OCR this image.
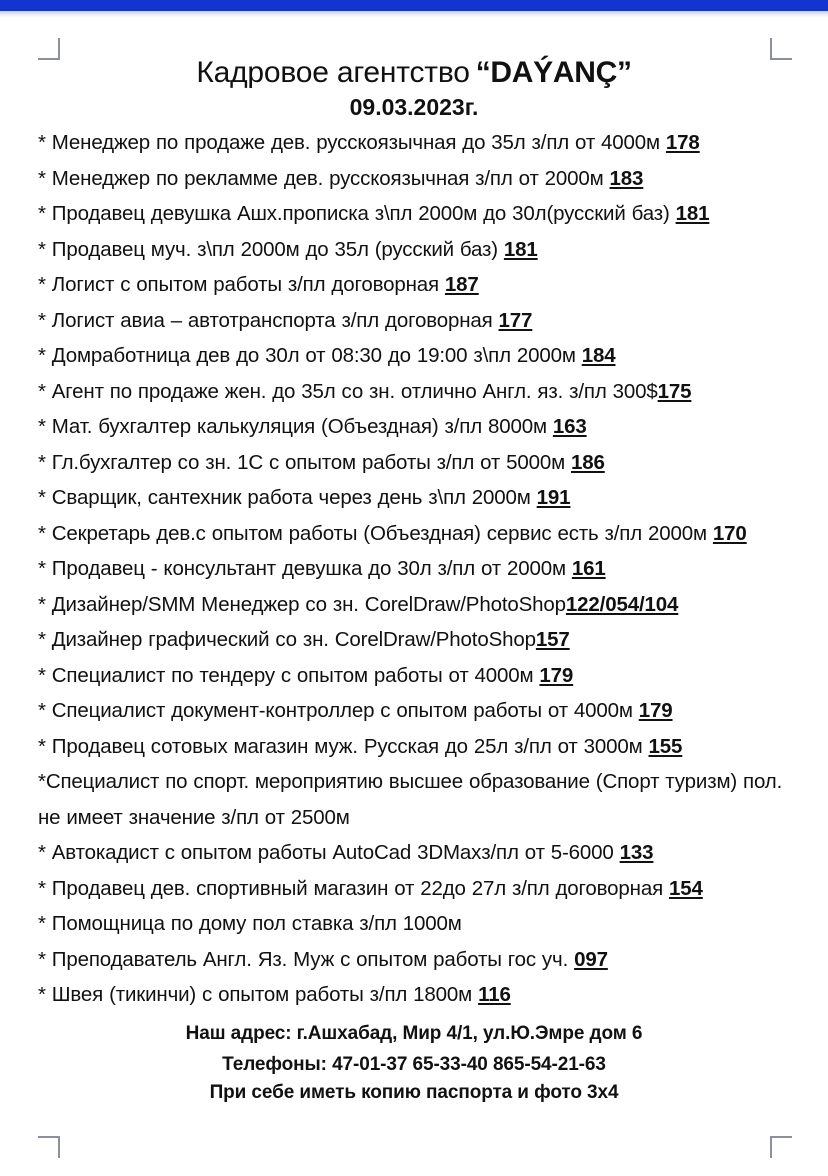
Кадровое агентство “DAÝANÇ”
09.03.2023г.
* Менеджер по продаже дев. русскоязычная до 35л з/пл от 4000м 178
* Менеджер по рекламме дев. русскоязычная з/пл от 2000м 183
* Продавец девушка Ашх.прописка з\пл 2000м до 30л(русский баз) 181
* Продавец муч. з\пл 2000м до 35л (русский баз) 181
* Логист с опытом работы з/пл договорная 187
* Логист авиа – автотранспорта з/пл договорная 177
* Домработница дев до 30л от 08:30 до 19:00 з\пл 2000м 184
* Агент по продаже жен. до 35л со зн. отлично Англ. яз. з/пл 300$175
* Мат. бухгалтер калькуляция (Объездная) з/пл 8000м 163
* Гл.бухгалтер со зн. 1С с опытом работы з/пл от 5000м 186
* Сварщик, сантехник работа через день з\пл 2000м 191
* Секретарь дев.с опытом работы (Объездная) сервис есть з/пл 2000м 170
* Продавец - консультант девушка до 30л з/пл от 2000м 161
* Дизайнер/SMM Менеджер со зн. CorelDraw/PhotoShop122/054/104
* Дизайнер графический со зн. CorelDraw/PhotoShop157
* Специалист по тендеру с опытом работы от 4000м 179
* Специалист документ-контроллер с опытом работы от 4000м 179
* Продавец сотовых магазин муж. Русская до 25л з/пл от 3000м 155
*Специалист по спорт. мероприятию высшее образование (Спорт туризм) пол. не имеет значение з/пл от 2500м
* Автокадист с опытом работы AutoCad 3DMaxз/пл от 5-6000 133
* Продавец дев. спортивный магазин от 22до 27л з/пл договорная 154
* Помощница по дому пол ставка з/пл 1000м
* Преподаватель Англ. Яз. Муж с опытом работы гос уч. 097
* Швея (тикинчи) с опытом работы з/пл 1800м 116
Наш адрес: г.Ашхабад, Мир 4/1, ул.Ю.Эмре дом 6
Телефоны: 47-01-37 65-33-40 865-54-21-63
При себе иметь копию паспорта и фото 3х4
